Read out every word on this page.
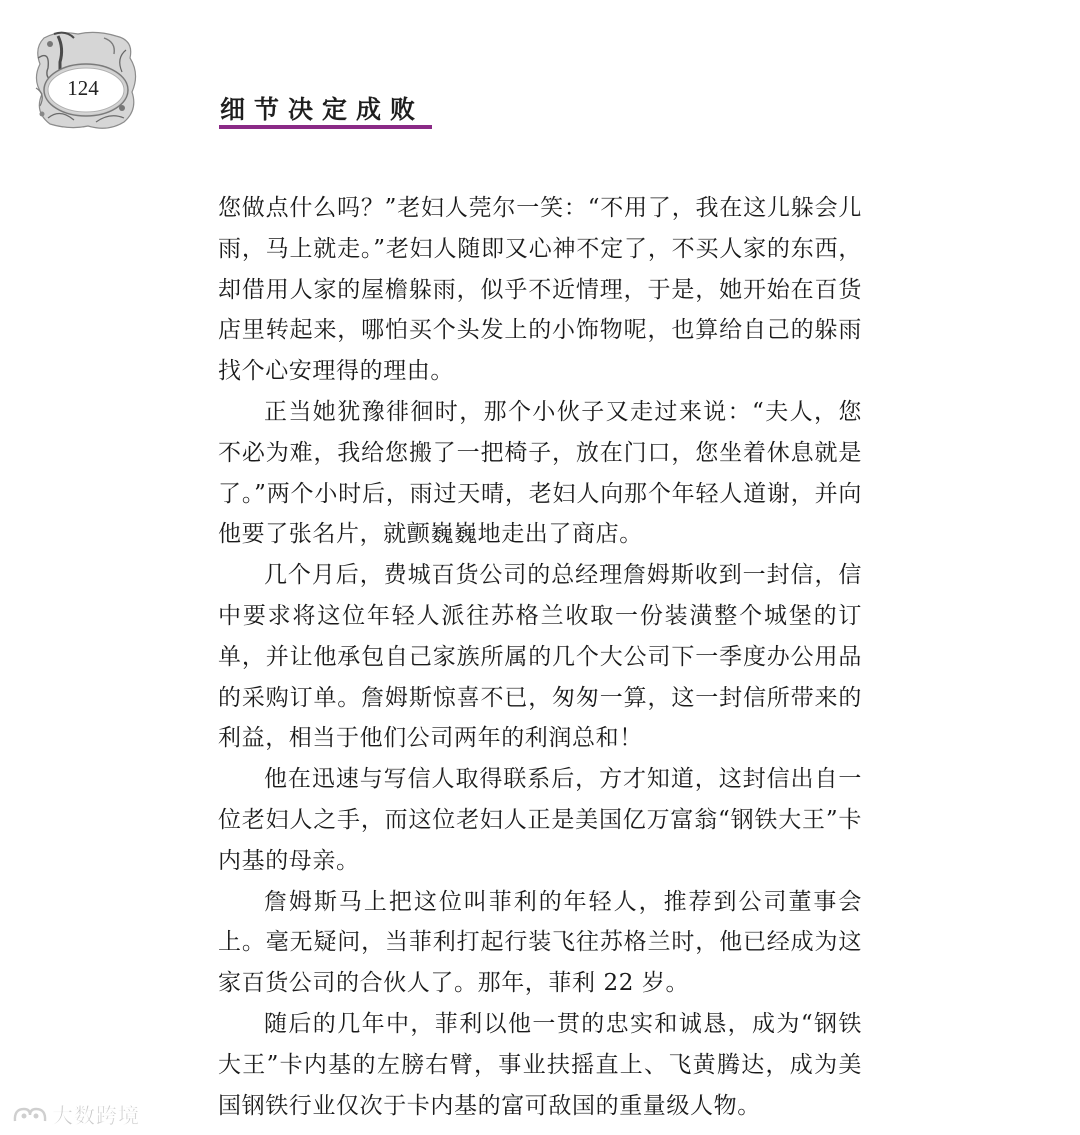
124
细节决定成败

您做点什么吗？”老妇人莞尔一笑：“不用了，我在这儿躲会儿雨，马上就走。”老妇人随即又心神不定了，不买人家的东西，却借用人家的屋檐躲雨，似乎不近情理，于是，她开始在百货店里转起来，哪怕买个头发上的小饰物呢，也算给自己的躲雨找个心安理得的理由。

正当她犹豫徘徊时，那个小伙子又走过来说：“夫人，您不必为难，我给您搬了一把椅子，放在门口，您坐着休息就是了。”两个小时后，雨过天晴，老妇人向那个年轻人道谢，并向他要了张名片，就颤巍巍地走出了商店。

几个月后，费城百货公司的总经理詹姆斯收到一封信，信中要求将这位年轻人派往苏格兰收取一份装潢整个城堡的订单，并让他承包自己家族所属的几个大公司下一季度办公用品的采购订单。詹姆斯惊喜不已，匆匆一算，这一封信所带来的利益，相当于他们公司两年的利润总和！

他在迅速与写信人取得联系后，方才知道，这封信出自一位老妇人之手，而这位老妇人正是美国亿万富翁“钢铁大王”卡内基的母亲。

詹姆斯马上把这位叫菲利的年轻人，推荐到公司董事会上。毫无疑问，当菲利打起行装飞往苏格兰时，他已经成为这家百货公司的合伙人了。那年，菲利 22 岁。

随后的几年中，菲利以他一贯的忠实和诚恳，成为“钢铁大王”卡内基的左膀右臂，事业扶摇直上、飞黄腾达，成为美国钢铁行业仅次于卡内基的富可敌国的重量级人物。

大数跨境
